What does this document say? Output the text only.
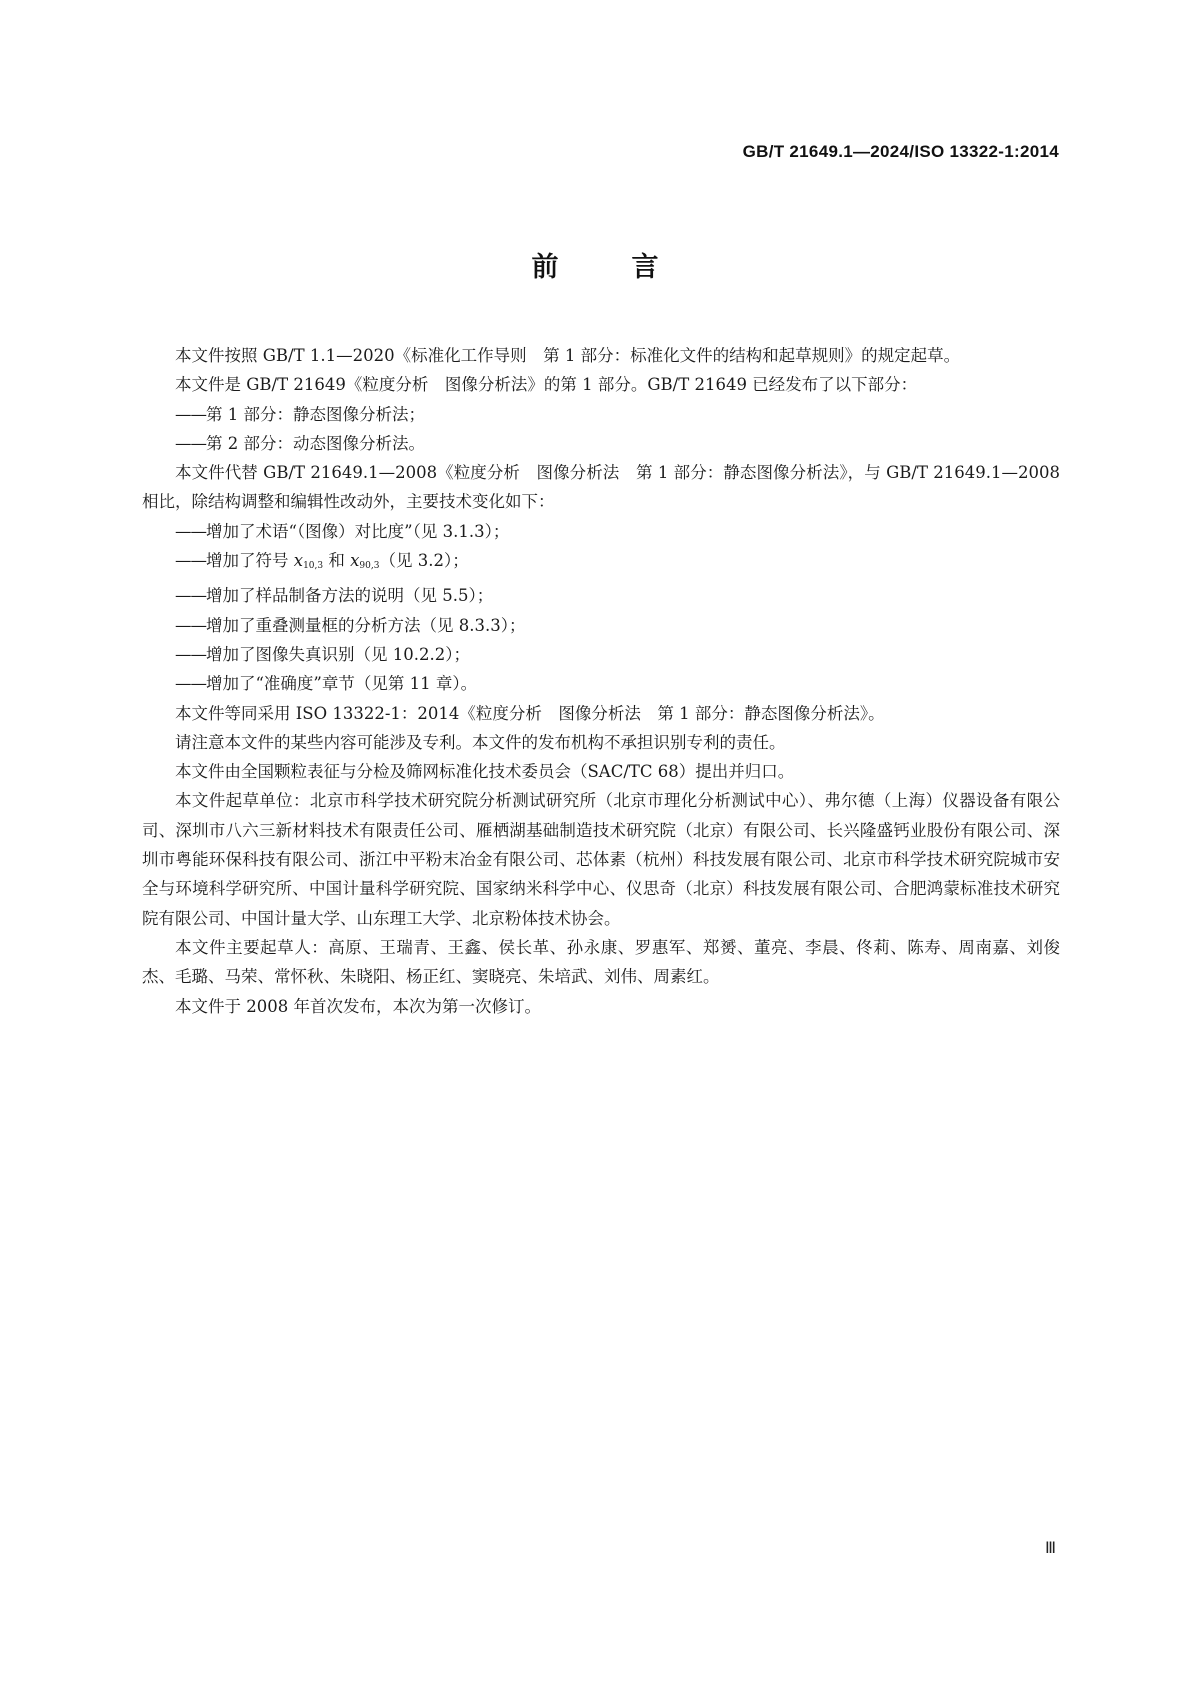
GB/T 21649.1—2024/ISO 13322-1:2014
前	言

本文件按照 GB/T 1.1—2020《标准化工作导则　第 1 部分：标准化文件的结构和起草规则》的规定起草。

本文件是 GB/T 21649《粒度分析　图像分析法》的第 1 部分。GB/T 21649 已经发布了以下部分：

——第 1 部分：静态图像分析法；

——第 2 部分：动态图像分析法。

本文件代替 GB/T 21649.1—2008《粒度分析　图像分析法　第 1 部分：静态图像分析法》，与 GB/T 21649.1—2008 相比，除结构调整和编辑性改动外，主要技术变化如下：

——增加了术语“（图像）对比度”（见 3.1.3）；

——增加了符号 $x_{10,3}$ 和 $x_{90,3}$（见 3.2）；

——增加了样品制备方法的说明（见 5.5）；

——增加了重叠测量框的分析方法（见 8.3.3）；

——增加了图像失真识别（见 10.2.2）；

——增加了“准确度”章节（见第 11 章）。

本文件等同采用 ISO 13322-1：2014《粒度分析　图像分析法　第 1 部分：静态图像分析法》。

请注意本文件的某些内容可能涉及专利。本文件的发布机构不承担识别专利的责任。

本文件由全国颗粒表征与分检及筛网标准化技术委员会（SAC/TC 68）提出并归口。

本文件起草单位：北京市科学技术研究院分析测试研究所（北京市理化分析测试中心）、弗尔德（上海）仪器设备有限公司、深圳市八六三新材料技术有限责任公司、雁栖湖基础制造技术研究院（北京）有限公司、长兴隆盛钙业股份有限公司、深圳市粤能环保科技有限公司、浙江中平粉末冶金有限公司、芯体素（杭州）科技发展有限公司、北京市科学技术研究院城市安全与环境科学研究所、中国计量科学研究院、国家纳米科学中心、仪思奇（北京）科技发展有限公司、合肥鸿蒙标准技术研究院有限公司、中国计量大学、山东理工大学、北京粉体技术协会。

本文件主要起草人：高原、王瑞青、王鑫、侯长革、孙永康、罗惠军、郑赟、董亮、李晨、佟莉、陈寿、周南嘉、刘俊杰、毛璐、马荣、常怀秋、朱晓阳、杨正红、窦晓亮、朱培武、刘伟、周素红。

本文件于 2008 年首次发布，本次为第一次修订。

Ⅲ
